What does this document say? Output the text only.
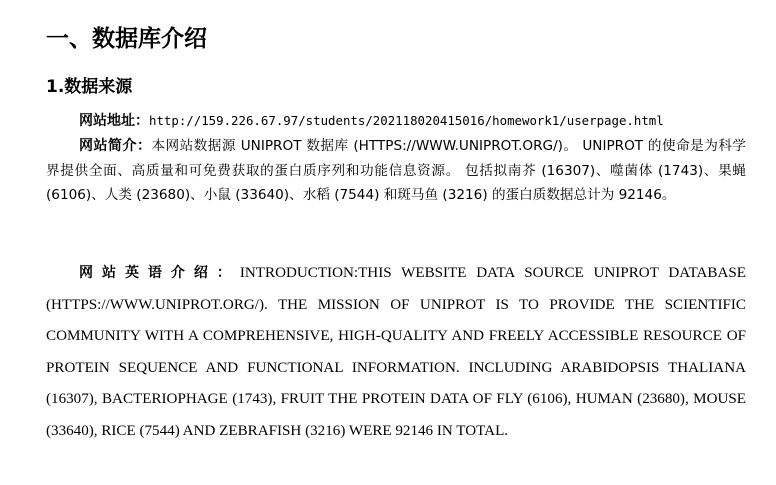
一、数据库介绍
1.数据来源
网站地址：http://159.226.67.97/students/202118020415016/homework1/userpage.html

网站简介：本网站数据源 UNIPROT 数据库 (HTTPS://WWW.UNIPROT.ORG/)。 UNIPROT 的使命是为科学界提供全面、高质量和可免费获取的蛋白质序列和功能信息资源。 包括拟南芥 (16307)、噬菌体 (1743)、果蝇 (6106)、人类 (23680)、小鼠 (33640)、水稻 (7544) 和斑马鱼 (3216) 的蛋白质数据总计为 92146。

网站英语介绍：INTRODUCTION:THIS WEBSITE DATA SOURCE UNIPROT DATABASE (HTTPS://WWW.UNIPROT.ORG/). THE MISSION OF UNIPROT IS TO PROVIDE THE SCIENTIFIC COMMUNITY WITH A COMPREHENSIVE, HIGH-QUALITY AND FREELY ACCESSIBLE RESOURCE OF PROTEIN SEQUENCE AND FUNCTIONAL INFORMATION. INCLUDING ARABIDOPSIS THALIANA (16307), BACTERIOPHAGE (1743), FRUIT THE PROTEIN DATA OF FLY (6106), HUMAN (23680), MOUSE (33640), RICE (7544) AND ZEBRAFISH (3216) WERE 92146 IN TOTAL.
